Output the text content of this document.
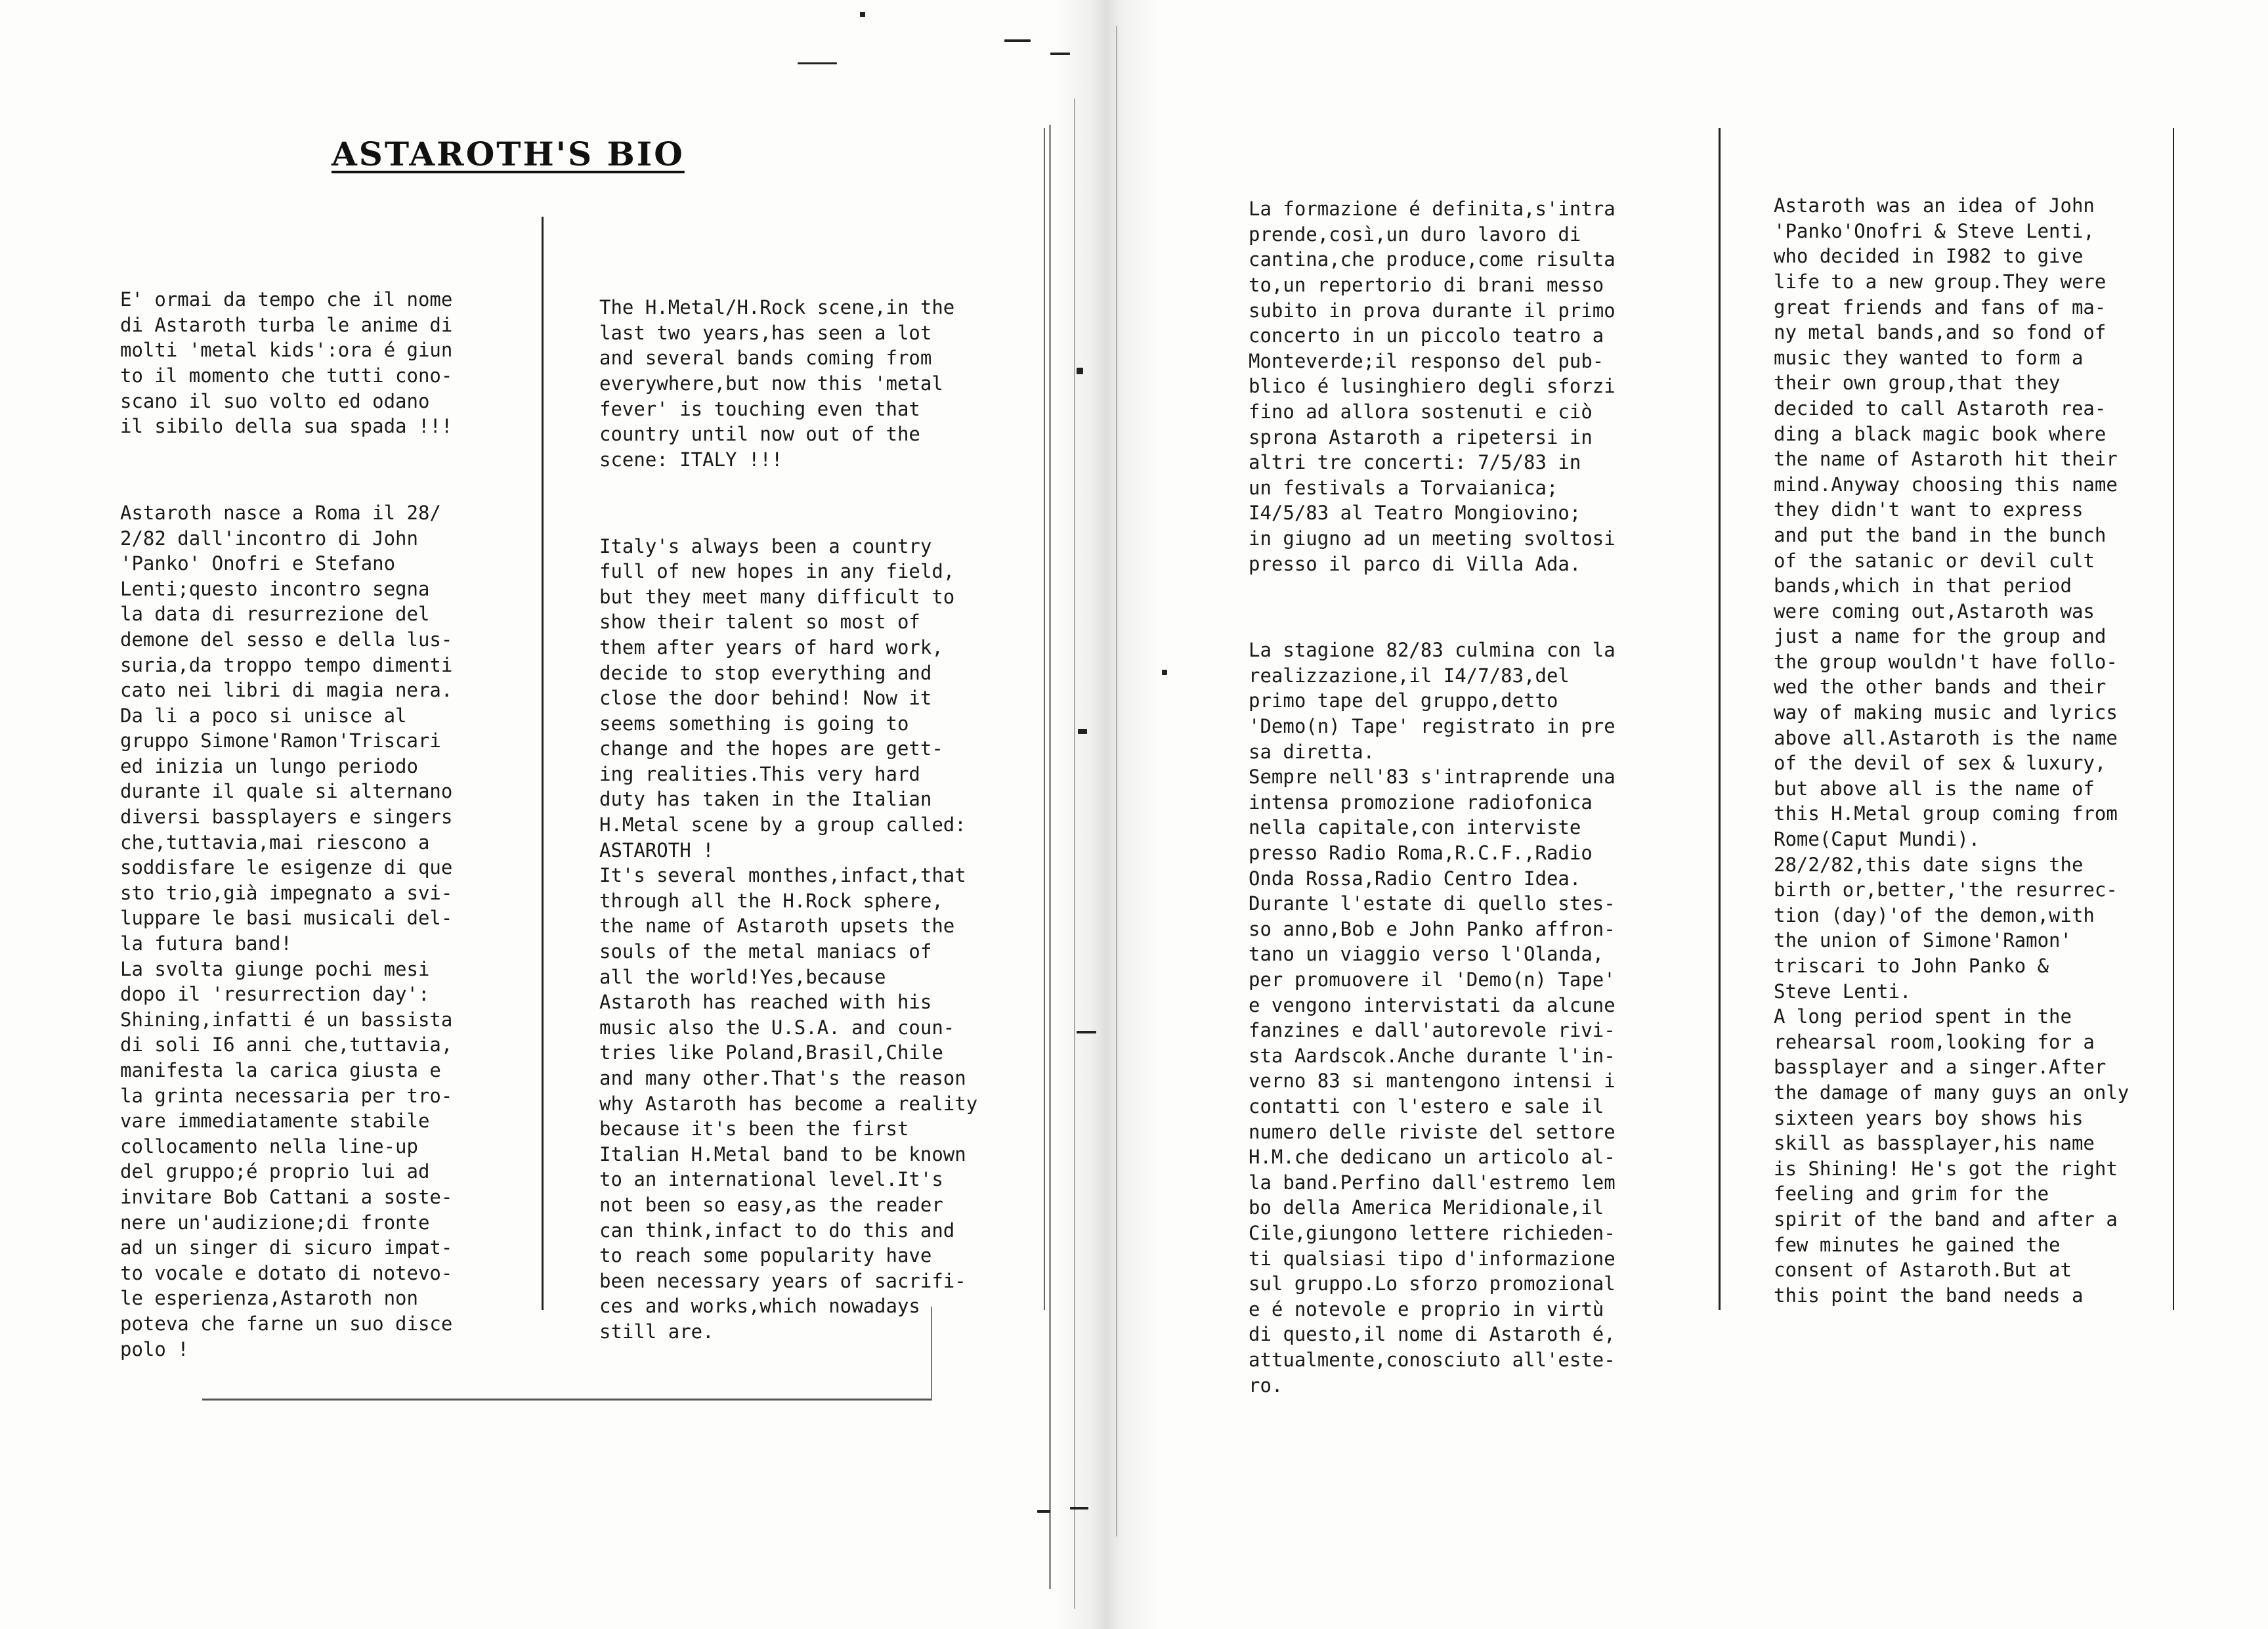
ASTAROTH'S BIO

E' ormai da tempo che il nome
di Astaroth turba le anime di
molti 'metal kids':ora é giun
to il momento che tutti cono-
scano il suo volto ed odano
il sibilo della sua spada !!!

Astaroth nasce a Roma il 28/
2/82 dall'incontro di John
'Panko' Onofri e Stefano
Lenti;questo incontro segna
la data di resurrezione del
demone del sesso e della lus-
suria,da troppo tempo dimenti
cato nei libri di magia nera.
Da li a poco si unisce al
gruppo Simone'Ramon'Triscari
ed inizia un lungo periodo
durante il quale si alternano
diversi bassplayers e singers
che,tuttavia,mai riescono a
soddisfare le esigenze di que
sto trio,già impegnato a svi-
luppare le basi musicali del-
la futura band!
La svolta giunge pochi mesi
dopo il 'resurrection day':
Shining,infatti é un bassista
di soli I6 anni che,tuttavia,
manifesta la carica giusta e
la grinta necessaria per tro-
vare immediatamente stabile
collocamento nella line-up
del gruppo;é proprio lui ad
invitare Bob Cattani a soste-
nere un'audizione;di fronte
ad un singer di sicuro impat-
to vocale e dotato di notevo-
le esperienza,Astaroth non
poteva che farne un suo disce
polo !

The H.Metal/H.Rock scene,in the
last two years,has seen a lot
and several bands coming from
everywhere,but now this 'metal
fever' is touching even that
country until now out of the
scene: ITALY !!!

Italy's always been a country
full of new hopes in any field,
but they meet many difficult to
show their talent so most of
them after years of hard work,
decide to stop everything and
close the door behind! Now it
seems something is going to
change and the hopes are gett-
ing realities.This very hard
duty has taken in the Italian
H.Metal scene by a group called:
ASTAROTH !
It's several monthes,infact,that
through all the H.Rock sphere,
the name of Astaroth upsets the
souls of the metal maniacs of
all the world!Yes,because
Astaroth has reached with his
music also the U.S.A. and coun-
tries like Poland,Brasil,Chile
and many other.That's the reason
why Astaroth has become a reality
because it's been the first
Italian H.Metal band to be known
to an international level.It's
not been so easy,as the reader
can think,infact to do this and
to reach some popularity have
been necessary years of sacrifi-
ces and works,which nowadays
still are.

La formazione é definita,s'intra
prende,così,un duro lavoro di
cantina,che produce,come risulta
to,un repertorio di brani messo
subito in prova durante il primo
concerto in un piccolo teatro a
Monteverde;il responso del pub-
blico é lusinghiero degli sforzi
fino ad allora sostenuti e ciò
sprona Astaroth a ripetersi in
altri tre concerti: 7/5/83 in
un festivals a Torvaianica;
I4/5/83 al Teatro Mongiovino;
in giugno ad un meeting svoltosi
presso il parco di Villa Ada.

La stagione 82/83 culmina con la
realizzazione,il I4/7/83,del
primo tape del gruppo,detto
'Demo(n) Tape' registrato in pre
sa diretta.
Sempre nell'83 s'intraprende una
intensa promozione radiofonica
nella capitale,con interviste
presso Radio Roma,R.C.F.,Radio
Onda Rossa,Radio Centro Idea.
Durante l'estate di quello stes-
so anno,Bob e John Panko affron-
tano un viaggio verso l'Olanda,
per promuovere il 'Demo(n) Tape'
e vengono intervistati da alcune
fanzines e dall'autorevole rivi-
sta Aardscok.Anche durante l'in-
verno 83 si mantengono intensi i
contatti con l'estero e sale il
numero delle riviste del settore
H.M.che dedicano un articolo al-
la band.Perfino dall'estremo lem
bo della America Meridionale,il
Cile,giungono lettere richieden-
ti qualsiasi tipo d'informazione
sul gruppo.Lo sforzo promozional
e é notevole e proprio in virtù
di questo,il nome di Astaroth é,
attualmente,conosciuto all'este-
ro.

Astaroth was an idea of John
'Panko'Onofri & Steve Lenti,
who decided in I982 to give
life to a new group.They were
great friends and fans of ma-
ny metal bands,and so fond of
music they wanted to form a
their own group,that they
decided to call Astaroth rea-
ding a black magic book where
the name of Astaroth hit their
mind.Anyway choosing this name
they didn't want to express
and put the band in the bunch
of the satanic or devil cult
bands,which in that period
were coming out,Astaroth was
just a name for the group and
the group wouldn't have follo-
wed the other bands and their
way of making music and lyrics
above all.Astaroth is the name
of the devil of sex & luxury,
but above all is the name of
this H.Metal group coming from
Rome(Caput Mundi).
28/2/82,this date signs the
birth or,better,'the resurrec-
tion (day)'of the demon,with
the union of Simone'Ramon'
triscari to John Panko &
Steve Lenti.
A long period spent in the
rehearsal room,looking for a
bassplayer and a singer.After
the damage of many guys an only
sixteen years boy shows his
skill as bassplayer,his name
is Shining! He's got the right
feeling and grim for the
spirit of the band and after a
few minutes he gained the
consent of Astaroth.But at
this point the band needs a
